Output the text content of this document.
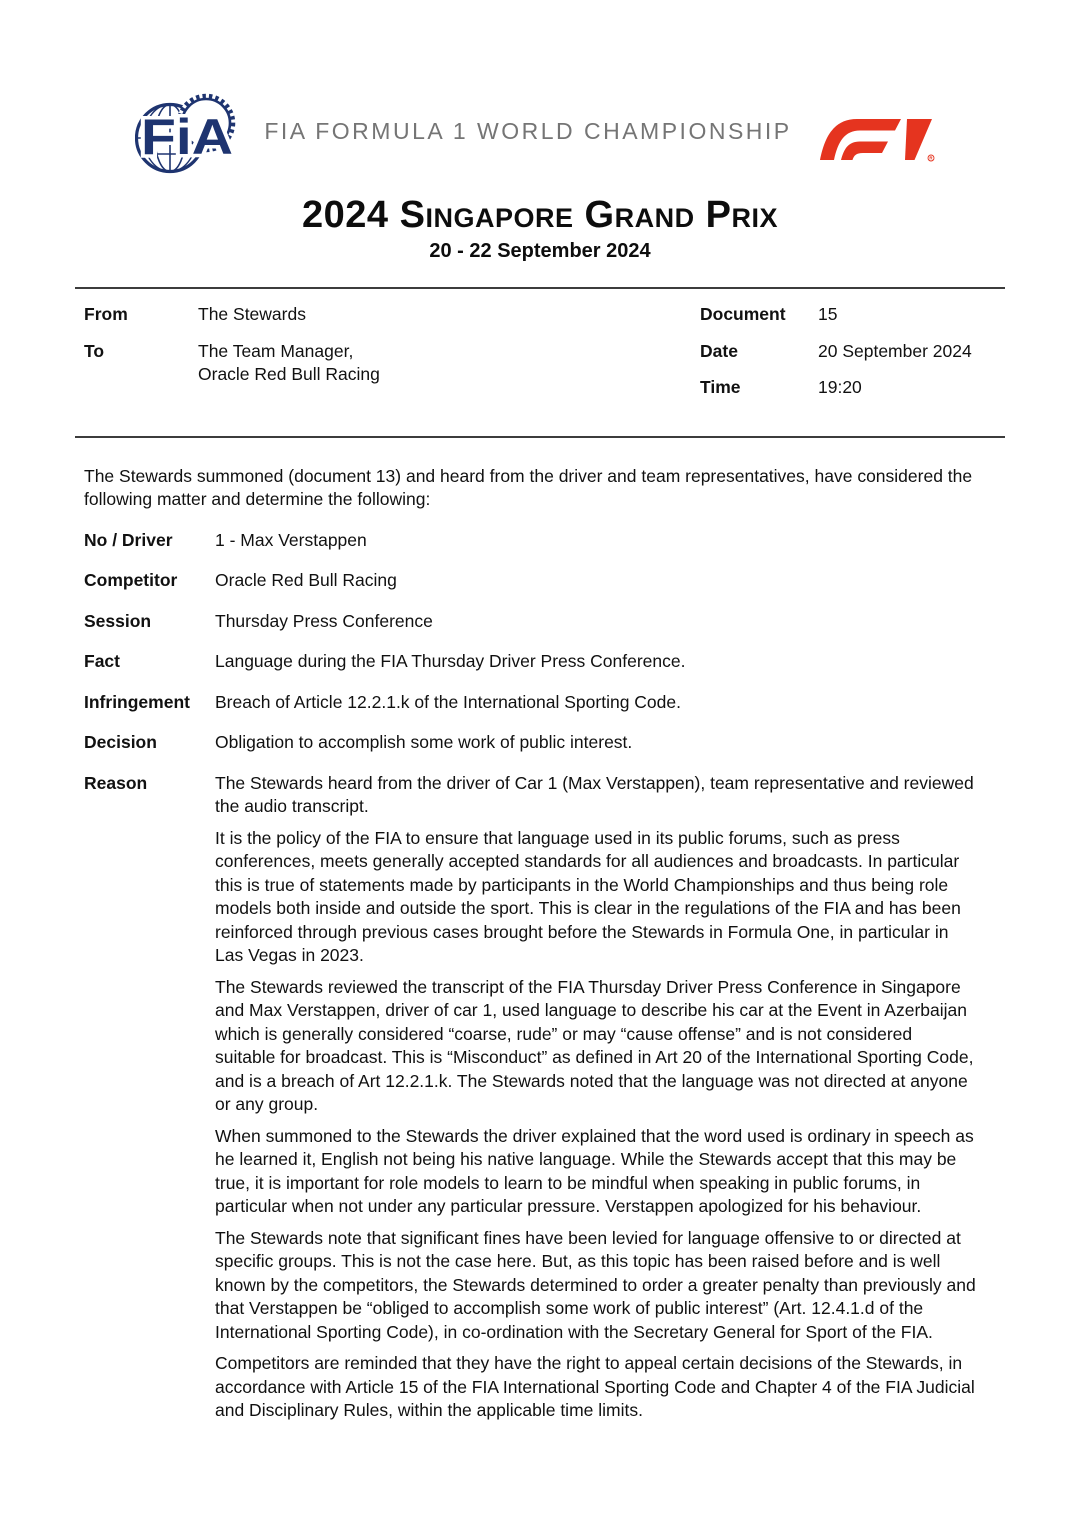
FiA	FIA FORMULA 1 WORLD CHAMPIONSHIP
R
2024 Singapore Grand Prix
20 - 22 September 2024
From	The Stewards
To	The Team Manager,
Oracle Red Bull Racing
Document	15
Date	20 September 2024
Time	19:20

The Stewards summoned (document 13) and heard from the driver and team representatives, have considered the following matter and determine the following:

No / Driver	1 - Max Verstappen
Competitor	Oracle Red Bull Racing
Session	Thursday Press Conference
Fact	Language during the FIA Thursday Driver Press Conference.
Infringement	Breach of Article 12.2.1.k of the International Sporting Code.
Decision	Obligation to accomplish some work of public interest.
Reason	The Stewards heard from the driver of Car 1 (Max Verstappen), team representative and reviewed the audio transcript.

It is the policy of the FIA to ensure that language used in its public forums, such as press conferences, meets generally accepted standards for all audiences and broadcasts. In particular this is true of statements made by participants in the World Championships and thus being role models both inside and outside the sport. This is clear in the regulations of the FIA and has been reinforced through previous cases brought before the Stewards in Formula One, in particular in Las Vegas in 2023.

The Stewards reviewed the transcript of the FIA Thursday Driver Press Conference in Singapore and Max Verstappen, driver of car 1, used language to describe his car at the Event in Azerbaijan which is generally considered “coarse, rude” or may “cause offense” and is not considered suitable for broadcast. This is “Misconduct” as defined in Art 20 of the International Sporting Code, and is a breach of Art 12.2.1.k. The Stewards noted that the language was not directed at anyone or any group.

When summoned to the Stewards the driver explained that the word used is ordinary in speech as he learned it, English not being his native language. While the Stewards accept that this may be true, it is important for role models to learn to be mindful when speaking in public forums, in particular when not under any particular pressure. Verstappen apologized for his behaviour.

The Stewards note that significant fines have been levied for language offensive to or directed at specific groups. This is not the case here. But, as this topic has been raised before and is well known by the competitors, the Stewards determined to order a greater penalty than previously and that Verstappen be “obliged to accomplish some work of public interest” (Art. 12.4.1.d of the International Sporting Code), in co-ordination with the Secretary General for Sport of the FIA.

Competitors are reminded that they have the right to appeal certain decisions of the Stewards, in accordance with Article 15 of the FIA International Sporting Code and Chapter 4 of the FIA Judicial and Disciplinary Rules, within the applicable time limits.
